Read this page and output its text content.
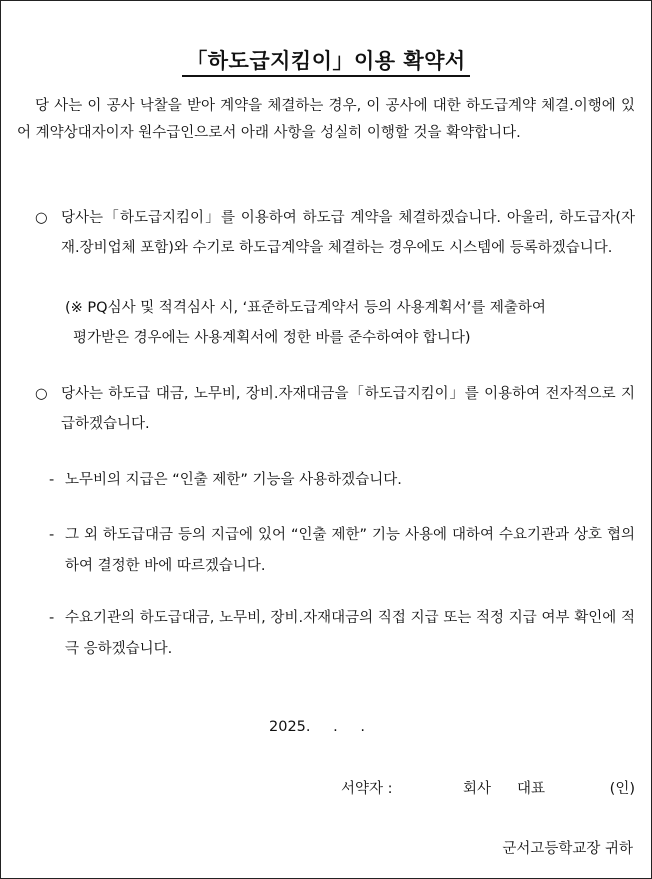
「하도급지킴이」이용 확약서
당 사는 이 공사 낙찰을 받아 계약을 체결하는 경우, 이 공사에 대한 하도급계약 체결.이행에 있어 계약상대자이자 원수급인으로서 아래 사항을 성실히 이행할 것을 확약합니다.
○ 당사는「하도급지킴이」를 이용하여 하도급 계약을 체결하겠습니다. 아울러, 하도급자(자재.장비업체 포함)와 수기로 하도급계약을 체결하는 경우에도 시스템에 등록하겠습니다.
(※ PQ심사 및 적격심사 시, ‘표준하도급계약서 등의 사용계획서’를 제출하여
평가받은 경우에는 사용계획서에 정한 바를 준수하여야 합니다)
○ 당사는 하도급 대금, 노무비, 장비.자재대금을「하도급지킴이」를 이용하여 전자적으로 지급하겠습니다.
- 노무비의 지급은 “인출 제한” 기능을 사용하겠습니다.
- 그 외 하도급대금 등의 지급에 있어 “인출 제한” 기능 사용에 대하여 수요기관과 상호 협의하여 결정한 바에 따르겠습니다.
- 수요기관의 하도급대금, 노무비, 장비.자재대금의 직접 지급 또는 적정 지급 여부 확인에 적극 응하겠습니다.
2025. . .
서약자 :	회사 대표	(인)
군서고등학교장 귀하
